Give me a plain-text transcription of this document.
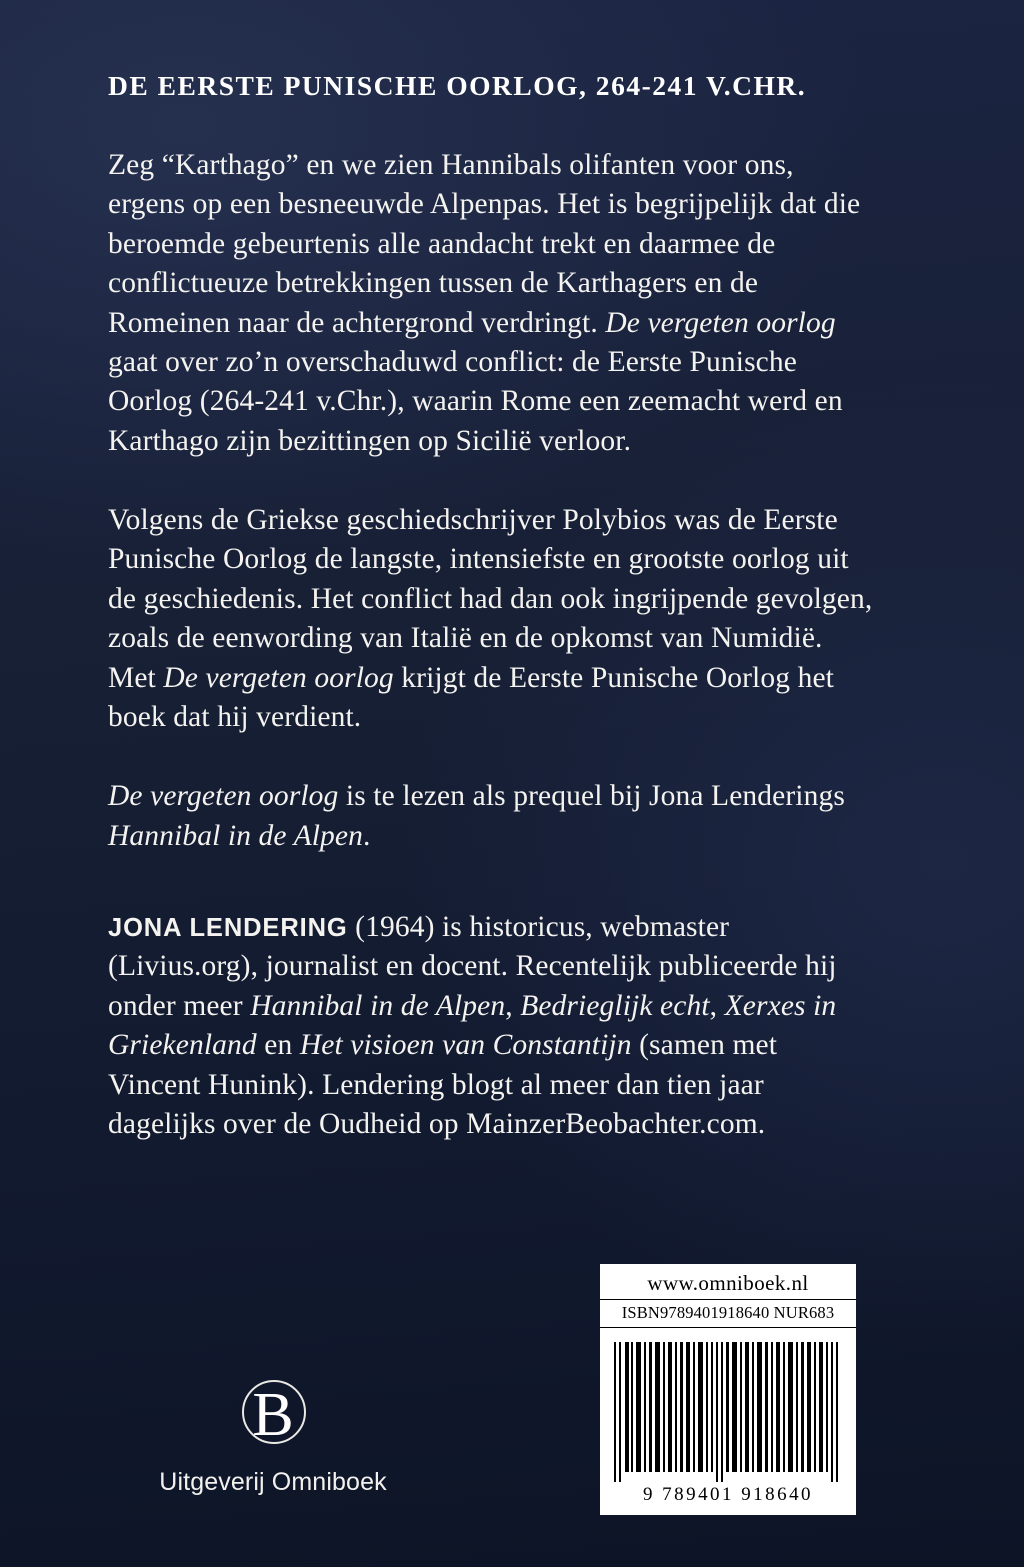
DE EERSTE PUNISCHE OORLOG, 264-241 V.CHR.

Zeg “Karthago” en we zien Hannibals olifanten voor ons, ergens op een besneeuwde Alpenpas. Het is begrijpelijk dat die beroemde gebeurtenis alle aandacht trekt en daarmee de conflictueuze betrekkingen tussen de Karthagers en de Romeinen naar de achtergrond verdringt. De vergeten oorlog gaat over zo’n overschaduwd conflict: de Eerste Punische Oorlog (264-241 v.Chr.), waarin Rome een zeemacht werd en Karthago zijn bezittingen op Sicilië verloor.

Volgens de Griekse geschiedschrijver Polybios was de Eerste Punische Oorlog de langste, intensiefste en grootste oorlog uit de geschiedenis. Het conflict had dan ook ingrijpende gevolgen, zoals de eenwording van Italië en de opkomst van Numidië. Met De vergeten oorlog krijgt de Eerste Punische Oorlog het boek dat hij verdient.

De vergeten oorlog is te lezen als prequel bij Jona Lenderings Hannibal in de Alpen.

JONA LENDERING (1964) is historicus, webmaster (Livius.org), journalist en docent. Recentelijk publiceerde hij onder meer Hannibal in de Alpen, Bedrieglijk echt, Xerxes in Griekenland en Het visioen van Constantijn (samen met Vincent Hunink). Lendering blogt al meer dan tien jaar dagelijks over de Oudheid op MainzerBeobachter.com.

www.omniboek.nl
ISBN9789401918640 NUR683
9 789401 918640
B
Uitgeverij Omniboek
